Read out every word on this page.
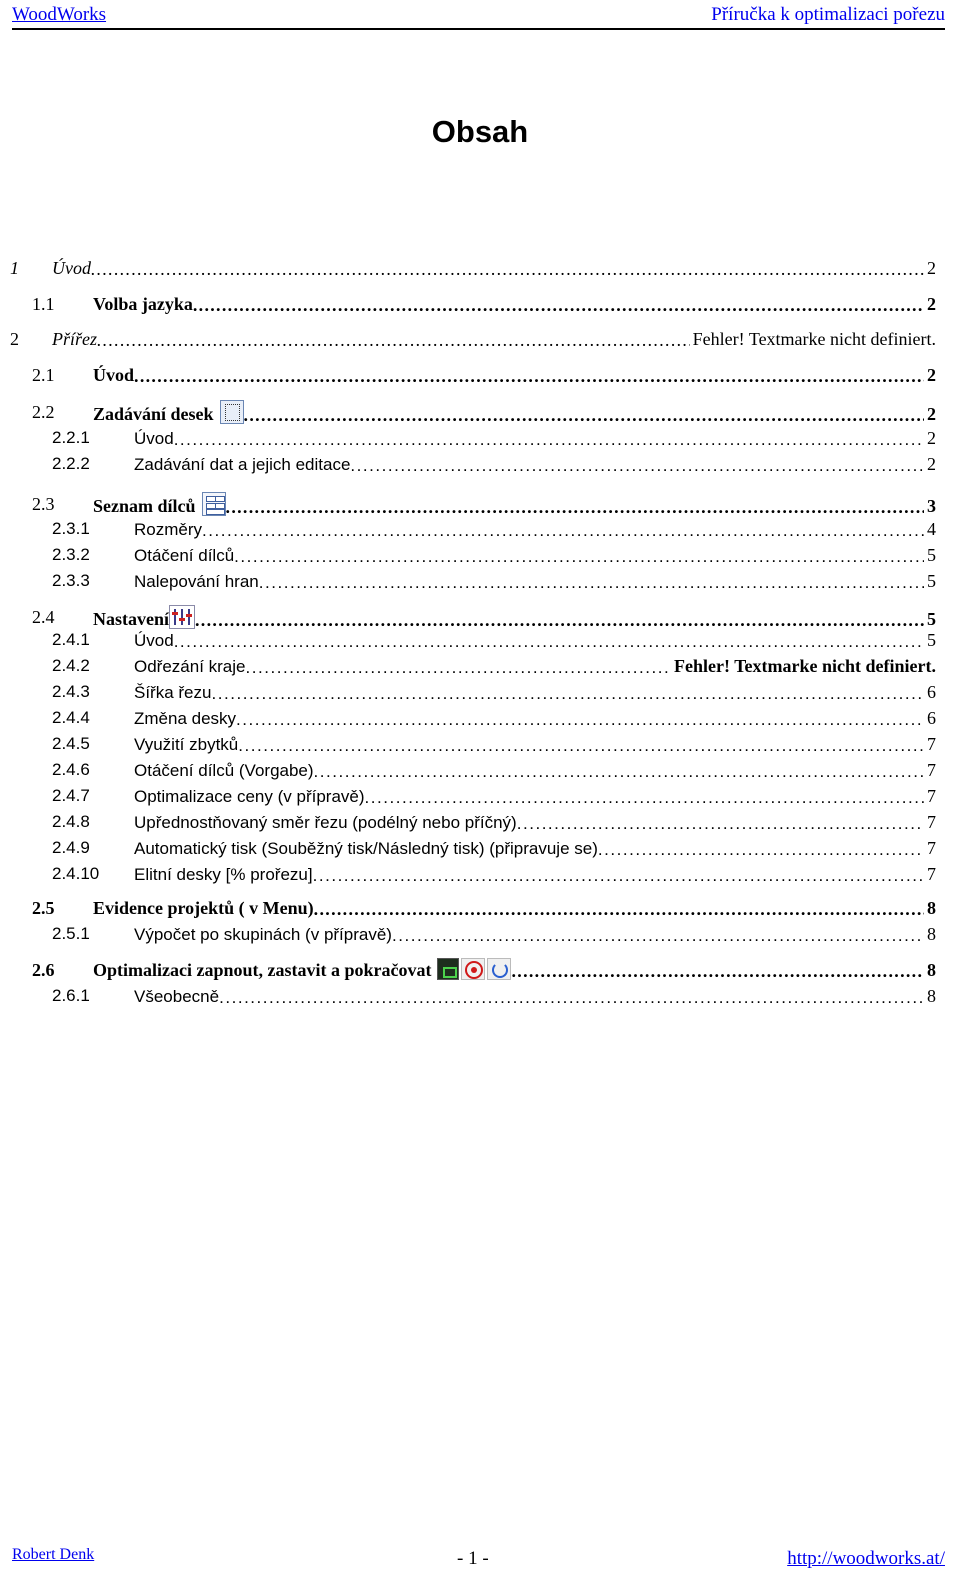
WoodWorks	Příručka k optimalizaci pořezu
Obsah
1 Úvod . . .	2
1.1 Volba jazyka . . .	2
2 Přířez . . .	Fehler! Textmarke nicht definiert.
2.1 Úvod . . .	2
2.2 Zadávání desek . . .	2
2.2.1	Úvod . . .	2
2.2.2	Zadávání dat a jejich editace . . .	2
2.3 Seznam dílců . . .	3
2.3.1	Rozměry . . .	4
2.3.2	Otáčení dílců . . .	5
2.3.3	Nalepování hran . . .	5
2.4 Nastavení . . .	5
2.4.1	Úvod . . .	5
2.4.2	Odřezání kraje . . .	Fehler! Textmarke nicht definiert.
2.4.3	Šířka řezu . . .	6
2.4.4	Změna desky . . .	6
2.4.5	Využití zbytků . . .	7
2.4.6	Otáčení dílců (Vorgabe) . . .	7
2.4.7	Optimalizace ceny (v přípravě) . . .	7
2.4.8	Upřednostňovaný směr řezu (podélný nebo příčný) . . .	7
2.4.9	Automatický tisk (Souběžný tisk/Následný tisk) (připravuje se) . . .	7
2.4.10 Elitní desky [% prořezu] . . .	7
2.5 Evidence projektů ( v Menu) . . .	8
2.5.1	Výpočet po skupinách (v přípravě) . . .	8
2.6 Optimalizaci zapnout, zastavit a pokračovat . . .	8
2.6.1	Všeobecně . . .	8
Robert Denk	- 1 -	http://woodworks.at/
